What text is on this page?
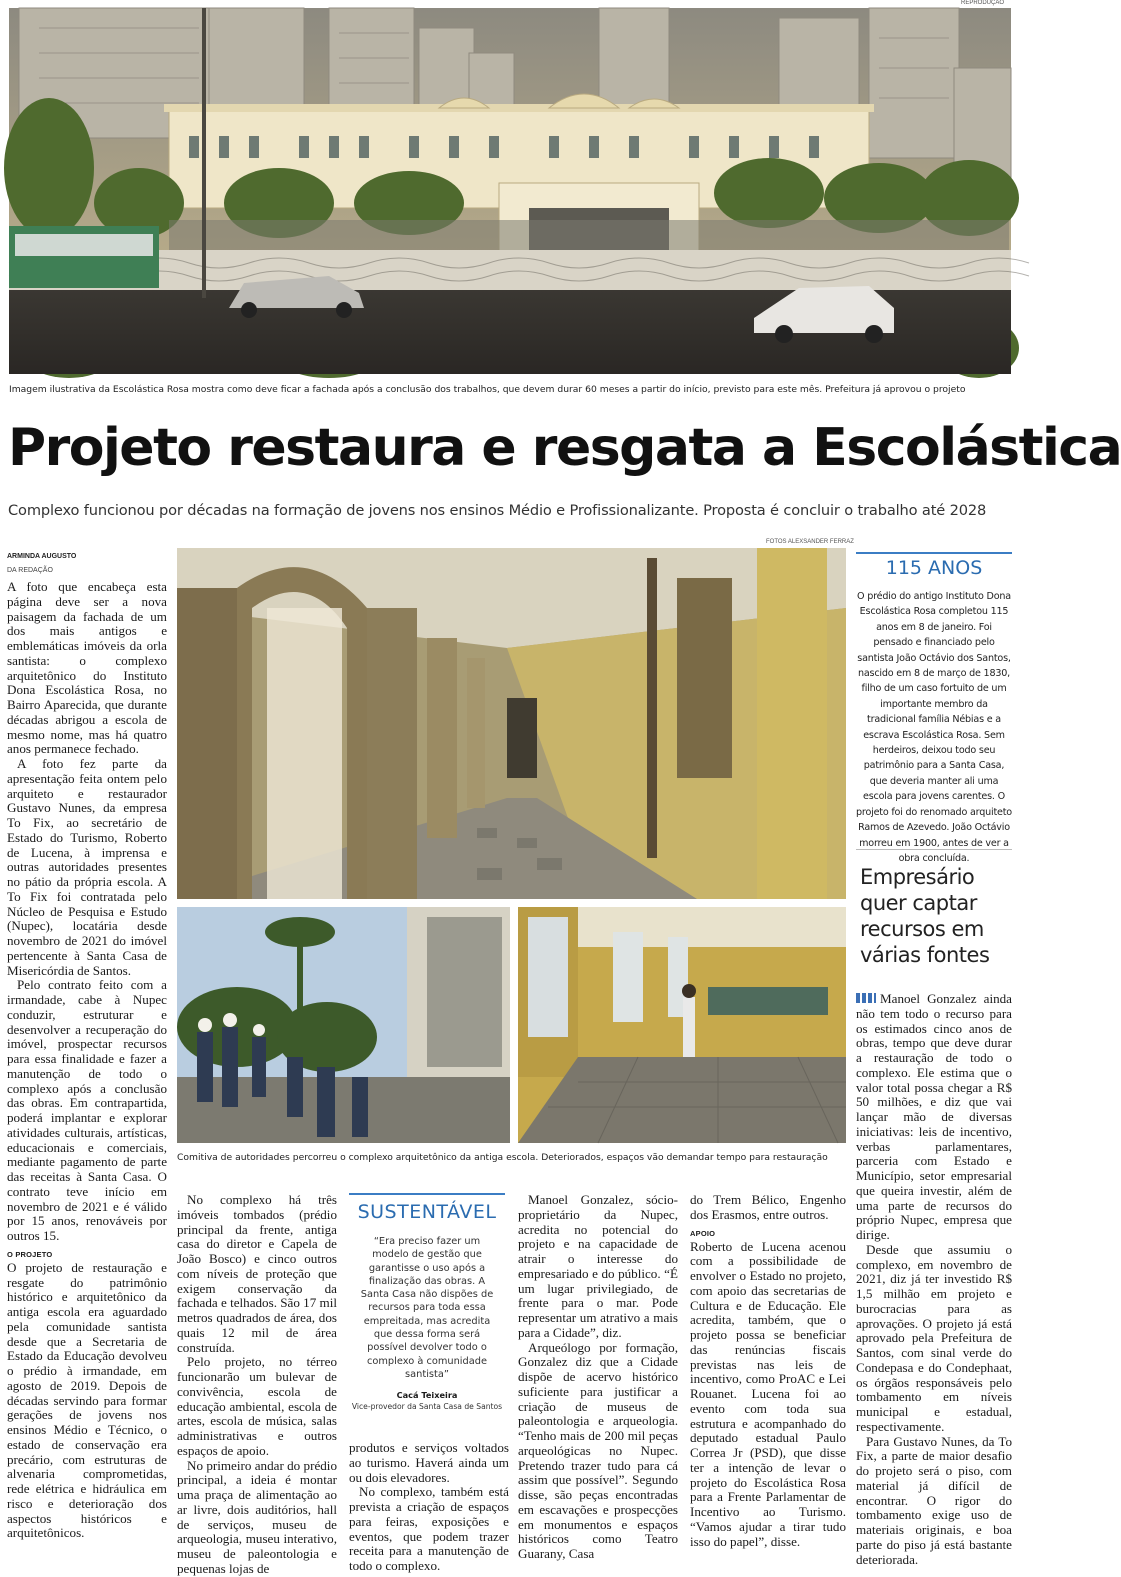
REPRODUÇÃO
Imagem ilustrativa da Escolástica Rosa mostra como deve ficar a fachada após a conclusão dos trabalhos, que devem durar 60 meses a partir do início, previsto para este mês. Prefeitura já aprovou o projeto
Projeto restaura e resgata a Escolástica
Complexo funcionou por décadas na formação de jovens nos ensinos Médio e Profissionalizante. Proposta é concluir o trabalho até 2028
ARMINDA AUGUSTO
DA REDAÇÃO
FOTOS ALEXSANDER FERRAZ

A foto que encabeça esta página deve ser a nova paisagem da fachada de um dos mais antigos e emblemáticas imóveis da orla santista: o complexo arquitetônico do Instituto Dona Escolástica Rosa, no Bairro Aparecida, que durante décadas abrigou a escola de mesmo nome, mas há quatro anos permanece fechado.

A foto fez parte da apresentação feita ontem pelo arquiteto e restaurador Gustavo Nunes, da empresa To Fix, ao secretário de Estado do Turismo, Roberto de Lucena, à imprensa e outras autoridades presentes no pátio da própria escola. A To Fix foi contratada pelo Núcleo de Pesquisa e Estudo (Nupec), locatária desde novembro de 2021 do imóvel pertencente à Santa Casa de Misericórdia de Santos.

Pelo contrato feito com a irmandade, cabe à Nupec conduzir, estruturar e desenvolver a recuperação do imóvel, prospectar recursos para essa finalidade e fazer a manutenção de todo o complexo após a conclusão das obras. Em contrapartida, poderá implantar e explorar atividades culturais, artísticas, educacionais e comerciais, mediante pagamento de parte das receitas à Santa Casa. O contrato teve início em novembro de 2021 e é válido por 15 anos, renováveis por outros 15.

O PROJETO

O projeto de restauração e resgate do patrimônio histórico e arquitetônico da antiga escola era aguardado pela comunidade santista desde que a Secretaria de Estado da Educação devolveu o prédio à irmandade, em agosto de 2019. Depois de décadas servindo para formar gerações de jovens nos ensinos Médio e Técnico, o estado de conservação era precário, com estruturas de alvenaria comprometidas, rede elétrica e hidráulica em risco e deterioração dos aspectos históricos e arquitetônicos.

Comitiva de autoridades percorreu o complexo arquitetônico da antiga escola. Deteriorados, espaços vão demandar tempo para restauração

No complexo há três imóveis tombados (prédio principal da frente, antiga casa do diretor e Capela de João Bosco) e cinco outros com níveis de proteção que exigem conservação da fachada e telhados. São 17 mil metros quadrados de área, dos quais 12 mil de área construída.

Pelo projeto, no térreo funcionarão um bulevar de convivência, escola de educação ambiental, escola de artes, escola de música, salas administrativas e outros espaços de apoio.

No primeiro andar do prédio principal, a ideia é montar uma praça de alimentação ao ar livre, dois auditórios, hall de serviços, museu de arqueologia, museu interativo, museu de paleontologia e pequenas lojas de

SUSTENTÁVEL
“Era preciso fazer um modelo de gestão que garantisse o uso após a finalização das obras. A Santa Casa não dispões de recursos para toda essa empreitada, mas acredita que dessa forma será possível devolver todo o complexo à comunidade santista”
Cacá Teixeira
Vice-provedor da Santa Casa de Santos

produtos e serviços voltados ao turismo. Haverá ainda um ou dois elevadores.

No complexo, também está prevista a criação de espaços para feiras, exposições e eventos, que podem trazer receita para a manutenção de todo o complexo.

Manoel Gonzalez, sócio-proprietário da Nupec, acredita no potencial do projeto e na capacidade de atrair o interesse do empresariado e do público. “É um lugar privilegiado, de frente para o mar. Pode representar um atrativo a mais para a Cidade”, diz.

Arqueólogo por formação, Gonzalez diz que a Cidade dispõe de acervo histórico suficiente para justificar a criação de museus de paleontologia e arqueologia. “Tenho mais de 200 mil peças arqueológicas no Nupec. Pretendo trazer tudo para cá assim que possível”. Segundo disse, são peças encontradas em escavações e prospecções em monumentos e espaços históricos como Teatro Guarany, Casa

do Trem Bélico, Engenho dos Erasmos, entre outros.

APOIO

Roberto de Lucena acenou com a possibilidade de envolver o Estado no projeto, com apoio das secretarias de Cultura e de Educação. Ele acredita, também, que o projeto possa se beneficiar das renúncias fiscais previstas nas leis de incentivo, como ProAC e Lei Rouanet. Lucena foi ao evento com toda sua estrutura e acompanhado do deputado estadual Paulo Correa Jr (PSD), que disse ter a intenção de levar o projeto do Escolástica Rosa para a Frente Parlamentar de Incentivo ao Turismo. “Vamos ajudar a tirar tudo isso do papel”, disse.

115 ANOS
O prédio do antigo Instituto Dona Escolástica Rosa completou 115 anos em 8 de janeiro. Foi pensado e financiado pelo santista João Octávio dos Santos, nascido em 8 de março de 1830, filho de um caso fortuito de um importante membro da tradicional família Nébias e a escrava Escolástica Rosa. Sem herdeiros, deixou todo seu patrimônio para a Santa Casa, que deveria manter ali uma escola para jovens carentes. O projeto foi do renomado arquiteto Ramos de Azevedo. João Octávio morreu em 1900, antes de ver a obra concluída.
Empresário quer captar recursos em várias fontes

Manoel Gonzalez ainda não tem todo o recurso para os estimados cinco anos de obras, tempo que deve durar a restauração de todo o complexo. Ele estima que o valor total possa chegar a R$ 50 milhões, e diz que vai lançar mão de diversas iniciativas: leis de incentivo, verbas parlamentares, parceria com Estado e Município, setor empresarial que queira investir, além de uma parte de recursos do próprio Nupec, empresa que dirige.

Desde que assumiu o complexo, em novembro de 2021, diz já ter investido R$ 1,5 milhão em projeto e burocracias para as aprovações. O projeto já está aprovado pela Prefeitura de Santos, com sinal verde do Condepasa e do Condephaat, os órgãos responsáveis pelo tombamento em níveis municipal e estadual, respectivamente.

Para Gustavo Nunes, da To Fix, a parte de maior desafio do projeto será o piso, com material já difícil de encontrar. O rigor do tombamento exige uso de materiais originais, e boa parte do piso já está bastante deteriorada.
